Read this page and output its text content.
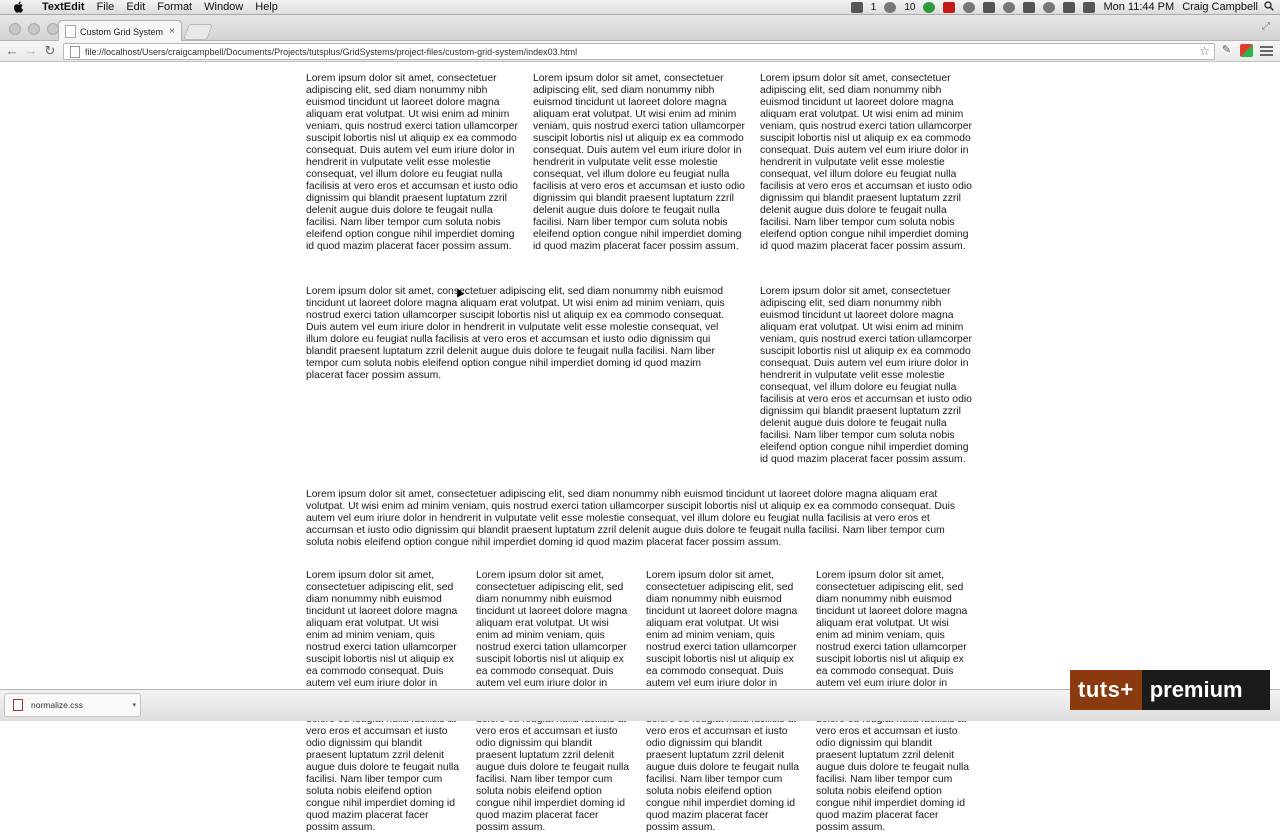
TextEdit	File	Edit	Format	Window	Help	1	10	Mon 11:44 PM Craig Campbell
Custom Grid System ×	⤢
← → ↻	file://localhost/Users/craigcampbell/Documents/Projects/tutsplus/GridSystems/project-files/custom-grid-system/index03.html	☆ ✎

Lorem ipsum dolor sit amet, consectetuer adipiscing elit, sed diam nonummy nibh euismod tincidunt ut laoreet dolore magna aliquam erat volutpat. Ut wisi enim ad minim veniam, quis nostrud exerci tation ullamcorper suscipit lobortis nisl ut aliquip ex ea commodo consequat. Duis autem vel eum iriure dolor in hendrerit in vulputate velit esse molestie consequat, vel illum dolore eu feugiat nulla facilisis at vero eros et accumsan et iusto odio dignissim qui blandit praesent luptatum zzril delenit augue duis dolore te feugait nulla facilisi. Nam liber tempor cum soluta nobis eleifend option congue nihil imperdiet doming id quod mazim placerat facer possim assum.

Lorem ipsum dolor sit amet, consectetuer adipiscing elit, sed diam nonummy nibh euismod tincidunt ut laoreet dolore magna aliquam erat volutpat. Ut wisi enim ad minim veniam, quis nostrud exerci tation ullamcorper suscipit lobortis nisl ut aliquip ex ea commodo consequat. Duis autem vel eum iriure dolor in hendrerit in vulputate velit esse molestie consequat, vel illum dolore eu feugiat nulla facilisis at vero eros et accumsan et iusto odio dignissim qui blandit praesent luptatum zzril delenit augue duis dolore te feugait nulla facilisi. Nam liber tempor cum soluta nobis eleifend option congue nihil imperdiet doming id quod mazim placerat facer possim assum.

Lorem ipsum dolor sit amet, consectetuer adipiscing elit, sed diam nonummy nibh euismod tincidunt ut laoreet dolore magna aliquam erat volutpat. Ut wisi enim ad minim veniam, quis nostrud exerci tation ullamcorper suscipit lobortis nisl ut aliquip ex ea commodo consequat. Duis autem vel eum iriure dolor in hendrerit in vulputate velit esse molestie consequat, vel illum dolore eu feugiat nulla facilisis at vero eros et accumsan et iusto odio dignissim qui blandit praesent luptatum zzril delenit augue duis dolore te feugait nulla facilisi. Nam liber tempor cum soluta nobis eleifend option congue nihil imperdiet doming id quod mazim placerat facer possim assum.

Lorem ipsum dolor sit amet, consectetuer adipiscing elit, sed diam nonummy nibh euismod tincidunt ut laoreet dolore magna aliquam erat volutpat. Ut wisi enim ad minim veniam, quis nostrud exerci tation ullamcorper suscipit lobortis nisl ut aliquip ex ea commodo consequat. Duis autem vel eum iriure dolor in hendrerit in vulputate velit esse molestie consequat, vel illum dolore eu feugiat nulla facilisis at vero eros et accumsan et iusto odio dignissim qui blandit praesent luptatum zzril delenit augue duis dolore te feugait nulla facilisi. Nam liber tempor cum soluta nobis eleifend option congue nihil imperdiet doming id quod mazim placerat facer possim assum.

Lorem ipsum dolor sit amet, consectetuer adipiscing elit, sed diam nonummy nibh euismod tincidunt ut laoreet dolore magna aliquam erat volutpat. Ut wisi enim ad minim veniam, quis nostrud exerci tation ullamcorper suscipit lobortis nisl ut aliquip ex ea commodo consequat. Duis autem vel eum iriure dolor in hendrerit in vulputate velit esse molestie consequat, vel illum dolore eu feugiat nulla facilisis at vero eros et accumsan et iusto odio dignissim qui blandit praesent luptatum zzril delenit augue duis dolore te feugait nulla facilisi. Nam liber tempor cum soluta nobis eleifend option congue nihil imperdiet doming id quod mazim placerat facer possim assum.

Lorem ipsum dolor sit amet, consectetuer adipiscing elit, sed diam nonummy nibh euismod tincidunt ut laoreet dolore magna aliquam erat volutpat. Ut wisi enim ad minim veniam, quis nostrud exerci tation ullamcorper suscipit lobortis nisl ut aliquip ex ea commodo consequat. Duis autem vel eum iriure dolor in hendrerit in vulputate velit esse molestie consequat, vel illum dolore eu feugiat nulla facilisis at vero eros et accumsan et iusto odio dignissim qui blandit praesent luptatum zzril delenit augue duis dolore te feugait nulla facilisi. Nam liber tempor cum soluta nobis eleifend option congue nihil imperdiet doming id quod mazim placerat facer possim assum.

Lorem ipsum dolor sit amet, consectetuer adipiscing elit, sed diam nonummy nibh euismod tincidunt ut laoreet dolore magna aliquam erat volutpat. Ut wisi enim ad minim veniam, quis nostrud exerci tation ullamcorper suscipit lobortis nisl ut aliquip ex ea commodo consequat. Duis autem vel eum iriure dolor in vero eros et accumsan et iusto odio dignissim qui blandit praesent luptatum zzril delenit augue duis dolore te feugait nulla facilisi. Nam liber tempor cum soluta nobis eleifend option congue nihil imperdiet doming id quod mazim placerat facer possim assum.

Lorem ipsum dolor sit amet, consectetuer adipiscing elit, sed diam nonummy nibh euismod tincidunt ut laoreet dolore magna aliquam erat volutpat. Ut wisi enim ad minim veniam, quis nostrud exerci tation ullamcorper suscipit lobortis nisl ut aliquip ex ea commodo consequat. Duis autem vel eum iriure dolor in vero eros et accumsan et iusto odio dignissim qui blandit praesent luptatum zzril delenit augue duis dolore te feugait nulla facilisi. Nam liber tempor cum soluta nobis eleifend option congue nihil imperdiet doming id quod mazim placerat facer possim assum.

Lorem ipsum dolor sit amet, consectetuer adipiscing elit, sed diam nonummy nibh euismod tincidunt ut laoreet dolore magna aliquam erat volutpat. Ut wisi enim ad minim veniam, quis nostrud exerci tation ullamcorper suscipit lobortis nisl ut aliquip ex ea commodo consequat. Duis autem vel eum iriure dolor in vero eros et accumsan et iusto odio dignissim qui blandit praesent luptatum zzril delenit augue duis dolore te feugait nulla facilisi. Nam liber tempor cum soluta nobis eleifend option congue nihil imperdiet doming id quod mazim placerat facer possim assum.

Lorem ipsum dolor sit amet, consectetuer adipiscing elit, sed diam nonummy nibh euismod tincidunt ut laoreet dolore magna aliquam erat volutpat. Ut wisi enim ad minim veniam, quis nostrud exerci tation ullamcorper suscipit lobortis nisl ut aliquip ex ea commodo consequat. Duis autem vel eum iriure dolor in vero eros et accumsan et iusto odio dignissim qui blandit praesent luptatum zzril delenit augue duis dolore te feugait nulla facilisi. Nam liber tempor cum soluta nobis eleifend option congue nihil imperdiet doming id quod mazim placerat facer possim assum.

normalize.css	▾
tuts+ premium
